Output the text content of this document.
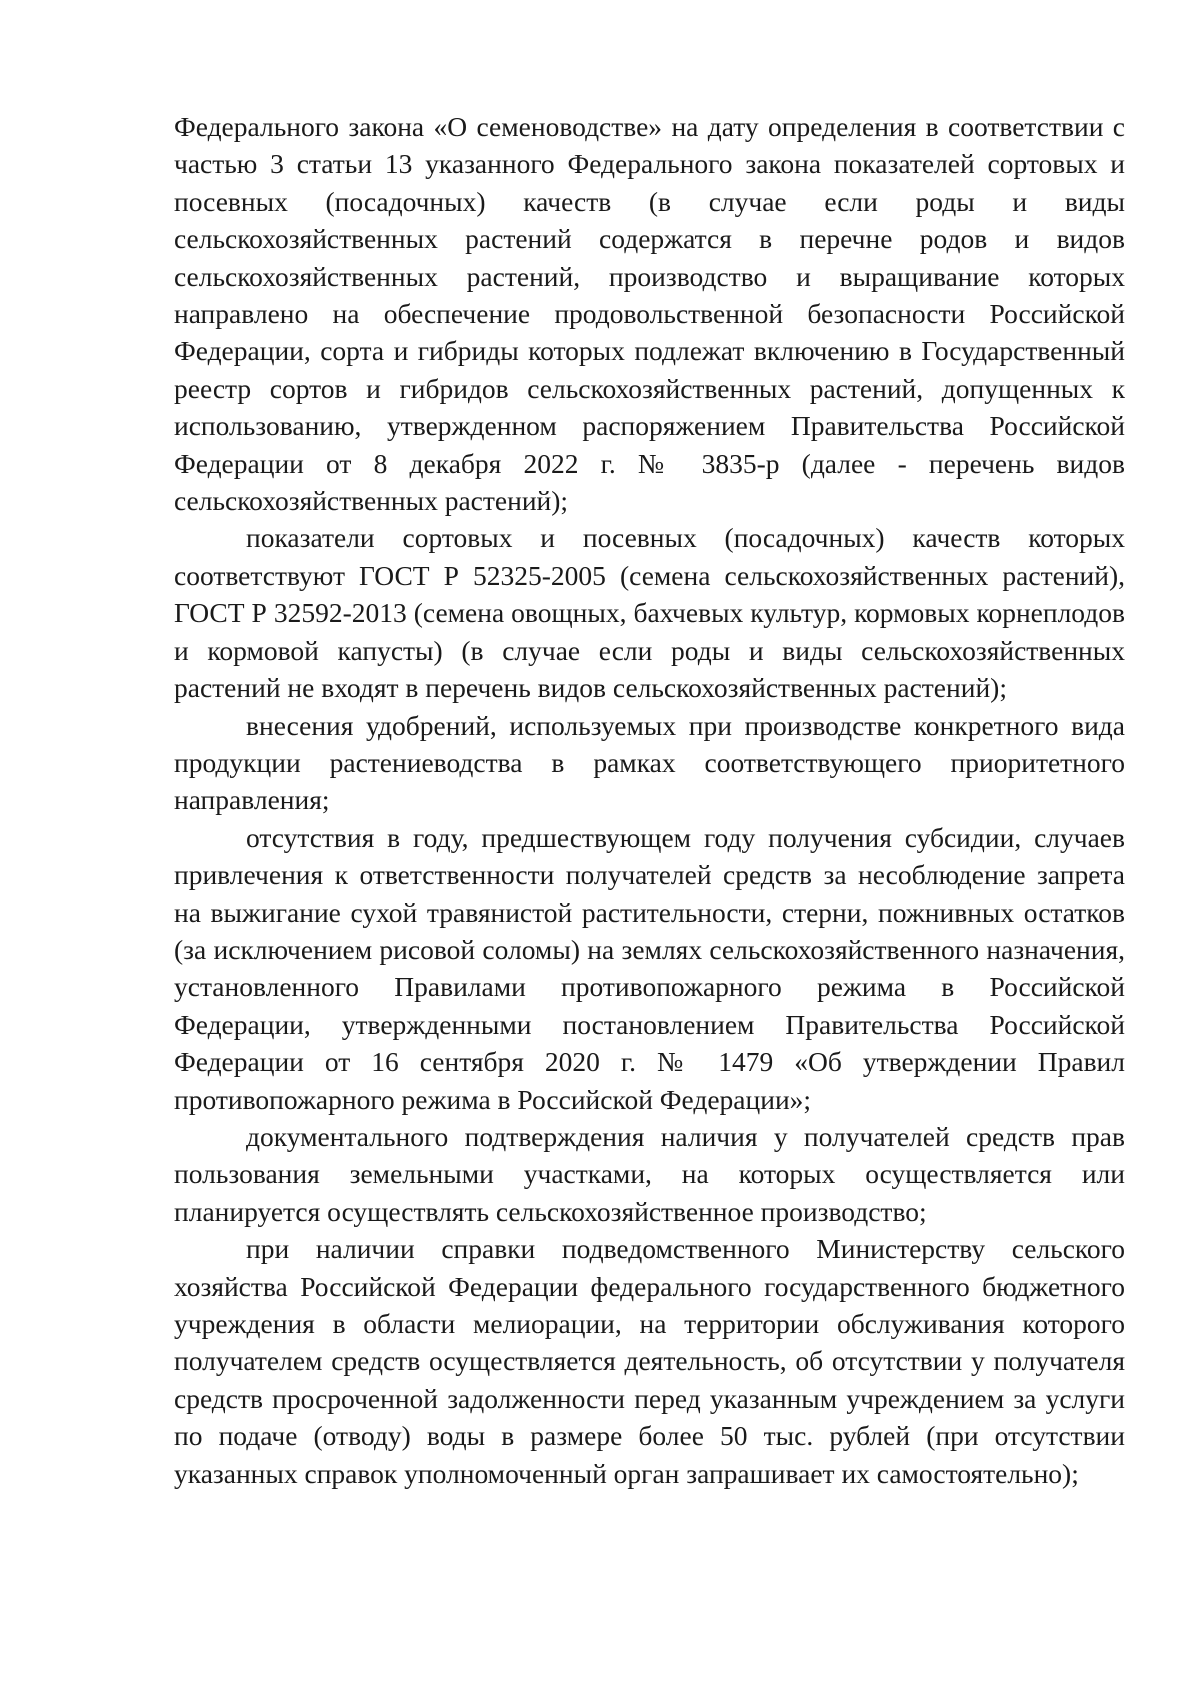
Федерального закона «О семеноводстве» на дату определения в соответствии с частью 3 статьи 13 указанного Федерального закона показателей сортовых и посевных (посадочных) качеств (в случае если роды и виды сельскохозяйственных растений содержатся в перечне родов и видов сельскохозяйственных растений, производство и выращивание которых направлено на обеспечение продовольственной безопасности Российской Федерации, сорта и гибриды которых подлежат включению в Государственный реестр сортов и гибридов сельскохозяйственных растений, допущенных к использованию, утвержденном распоряжением Правительства Российской Федерации от 8 декабря 2022 г. № 3835-р (далее - перечень видов сельскохозяйственных растений);

показатели сортовых и посевных (посадочных) качеств которых соответствуют ГОСТ Р 52325-2005 (семена сельскохозяйственных растений), ГОСТ Р 32592-2013 (семена овощных, бахчевых культур, кормовых корнеплодов и кормовой капусты) (в случае если роды и виды сельскохозяйственных растений не входят в перечень видов сельскохозяйственных растений);

внесения удобрений, используемых при производстве конкретного вида продукции растениеводства в рамках соответствующего приоритетного направления;

отсутствия в году, предшествующем году получения субсидии, случаев привлечения к ответственности получателей средств за несоблюдение запрета на выжигание сухой травянистой растительности, стерни, пожнивных остатков (за исключением рисовой соломы) на землях сельскохозяйственного назначения, установленного Правилами противопожарного режима в Российской Федерации, утвержденными постановлением Правительства Российской Федерации от 16 сентября 2020 г. № 1479 «Об утверждении Правил противопожарного режима в Российской Федерации»;

документального подтверждения наличия у получателей средств прав пользования земельными участками, на которых осуществляется или планируется осуществлять сельскохозяйственное производство;

при наличии справки подведомственного Министерству сельского хозяйства Российской Федерации федерального государственного бюджетного учреждения в области мелиорации, на территории обслуживания которого получателем средств осуществляется деятельность, об отсутствии у получателя средств просроченной задолженности перед указанным учреждением за услуги по подаче (отводу) воды в размере более 50 тыс. рублей (при отсутствии указанных справок уполномоченный орган запрашивает их самостоятельно);
